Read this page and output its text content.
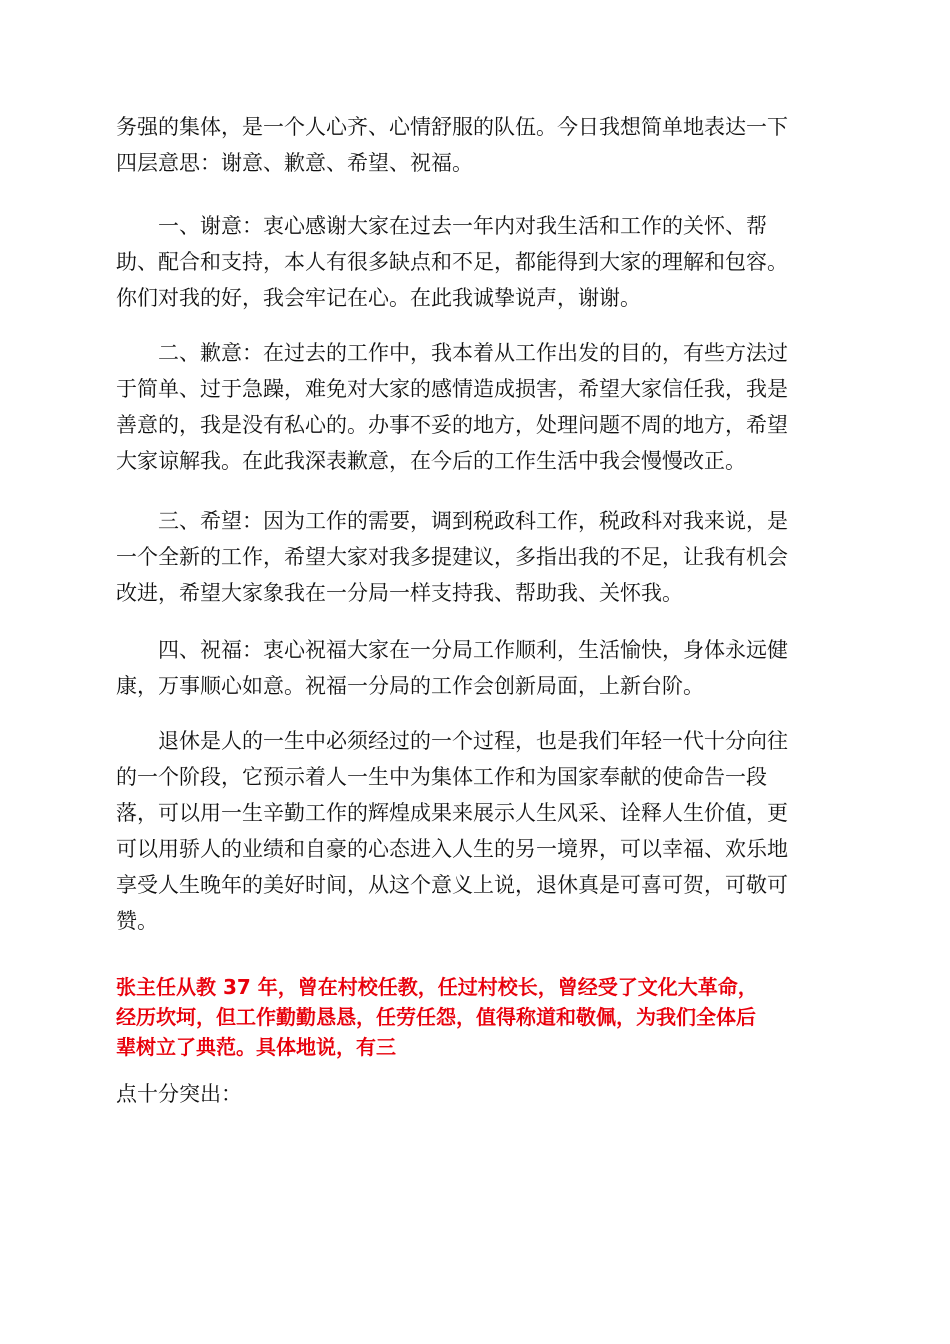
务强的集体，是一个人心齐、心情舒服的队伍。今日我想简单地表达一下
四层意思：谢意、歉意、希望、祝福。
　　一、谢意：衷心感谢大家在过去一年内对我生活和工作的关怀、帮
助、配合和支持，本人有很多缺点和不足，都能得到大家的理解和包容。
你们对我的好，我会牢记在心。在此我诚挚说声，谢谢。
　　二、歉意：在过去的工作中，我本着从工作出发的目的，有些方法过
于简单、过于急躁，难免对大家的感情造成损害，希望大家信任我，我是
善意的，我是没有私心的。办事不妥的地方，处理问题不周的地方，希望
大家谅解我。在此我深表歉意，在今后的工作生活中我会慢慢改正。
　　三、希望：因为工作的需要，调到税政科工作，税政科对我来说，是
一个全新的工作，希望大家对我多提建议，多指出我的不足，让我有机会
改进，希望大家象我在一分局一样支持我、帮助我、关怀我。
　　四、祝福：衷心祝福大家在一分局工作顺利，生活愉快，身体永远健
康，万事顺心如意。祝福一分局的工作会创新局面，上新台阶。
　　退休是人的一生中必须经过的一个过程，也是我们年轻一代十分向往
的一个阶段，它预示着人一生中为集体工作和为国家奉献的使命告一段
落，可以用一生辛勤工作的辉煌成果来展示人生风采、诠释人生价值，更
可以用骄人的业绩和自豪的心态进入人生的另一境界，可以幸福、欢乐地
享受人生晚年的美好时间，从这个意义上说，退休真是可喜可贺，可敬可
赞。
张主任从教 37 年，曾在村校任教，任过村校长，曾经受了文化大革命，
经历坎坷，但工作勤勤恳恳，任劳任怨，值得称道和敬佩，为我们全体后
辈树立了典范。具体地说，有三
点十分突出：
